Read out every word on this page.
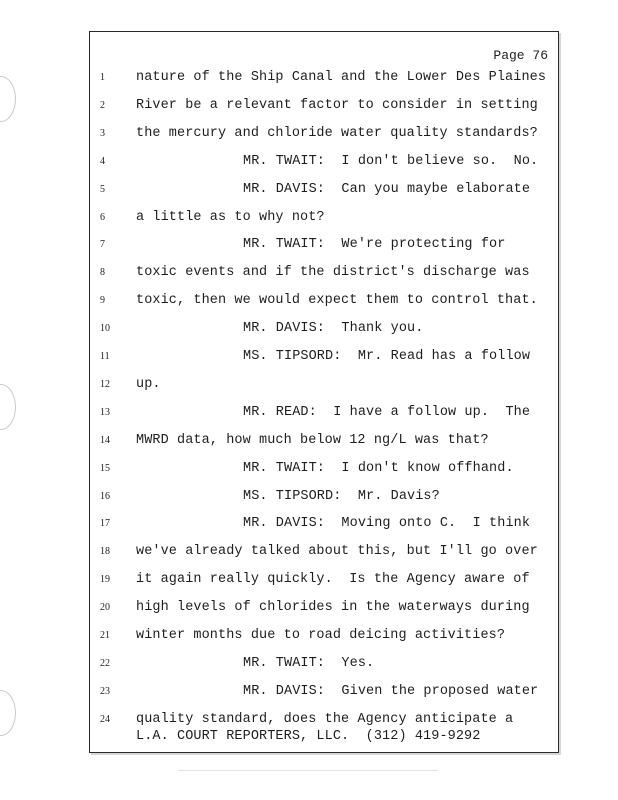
Page 76
1	nature of the Ship Canal and the Lower Des Plaines
2	River be a relevant factor to consider in setting
3	the mercury and chloride water quality standards?
4	MR. TWAIT:  I don't believe so.  No.
5	MR. DAVIS:  Can you maybe elaborate
6	a little as to why not?
7	MR. TWAIT:  We're protecting for
8	toxic events and if the district's discharge was
9	toxic, then we would expect them to control that.
10	MR. DAVIS:  Thank you.
11	MS. TIPSORD:  Mr. Read has a follow
12	up.
13	MR. READ:  I have a follow up.  The
14	MWRD data, how much below 12 ng/L was that?
15	MR. TWAIT:  I don't know offhand.
16	MS. TIPSORD:  Mr. Davis?
17	MR. DAVIS:  Moving onto C.  I think
18	we've already talked about this, but I'll go over
19	it again really quickly.  Is the Agency aware of
20	high levels of chlorides in the waterways during
21	winter months due to road deicing activities?
22	MR. TWAIT:  Yes.
23	MR. DAVIS:  Given the proposed water
24	quality standard, does the Agency anticipate a
L.A. COURT REPORTERS, LLC.  (312) 419-9292
